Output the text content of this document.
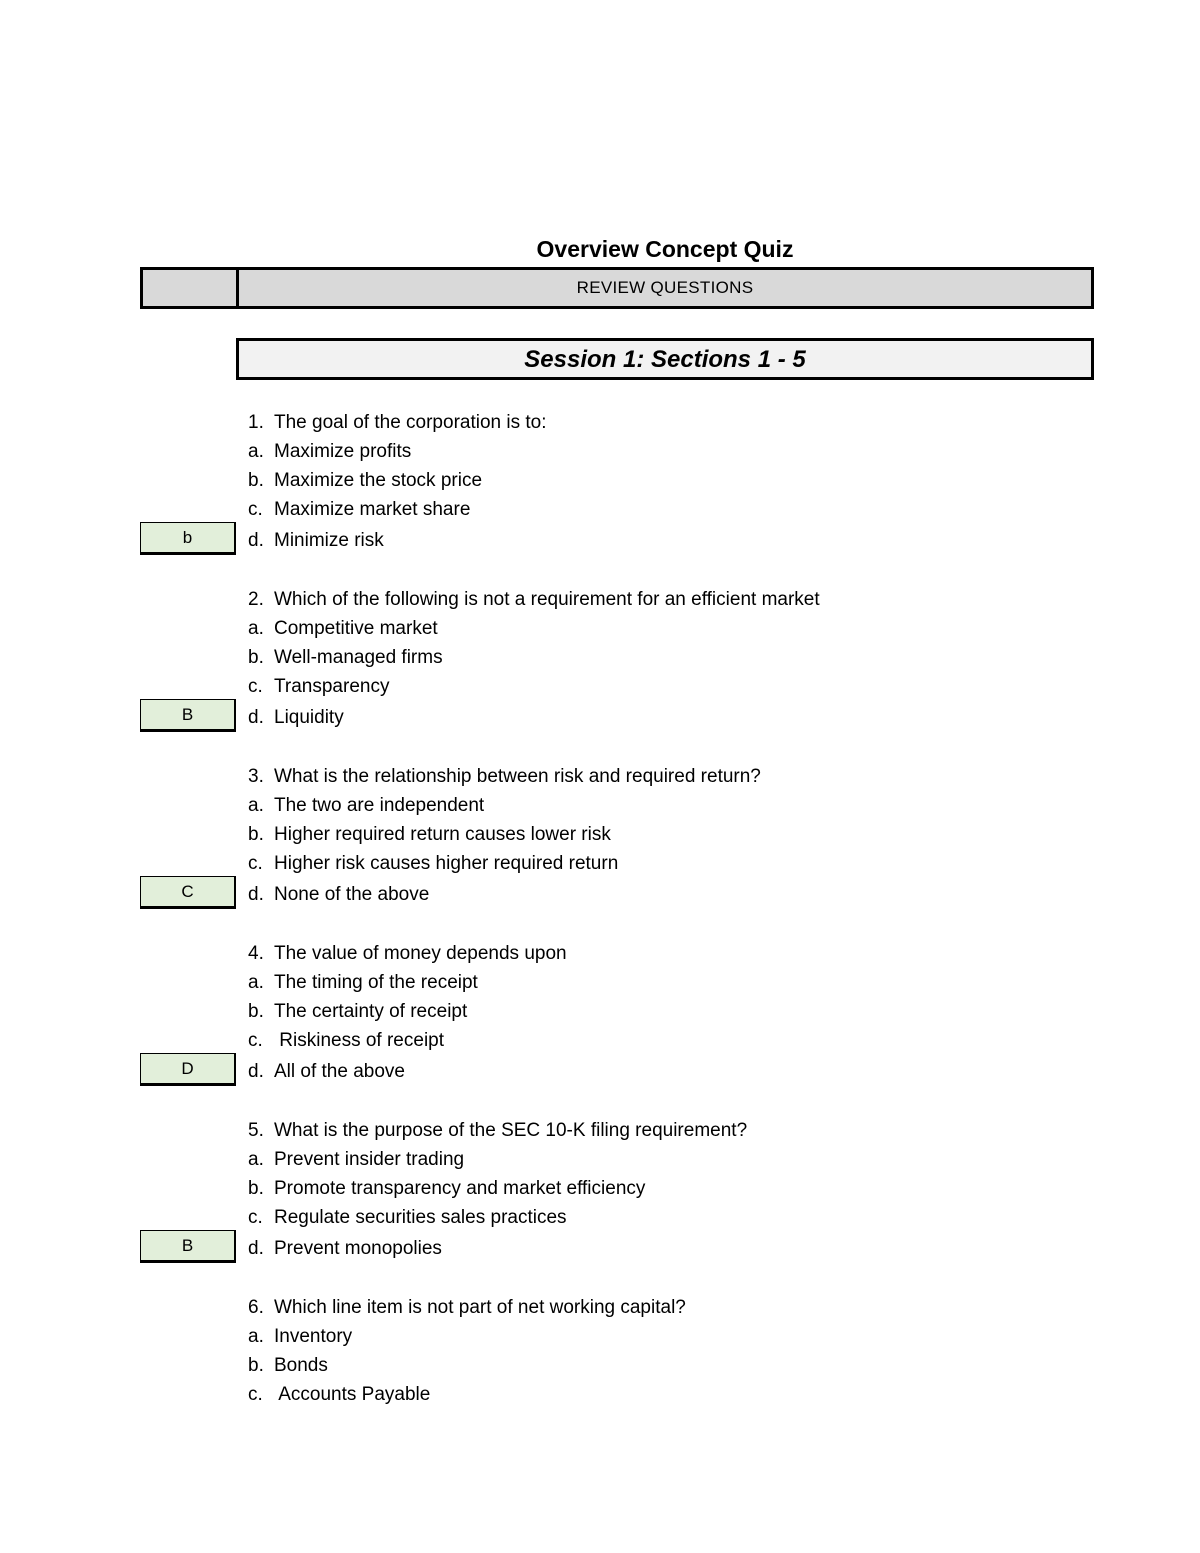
Overview Concept Quiz
REVIEW QUESTIONS
Session 1: Sections 1 - 5
1. The goal of the corporation is to:
a. Maximize profits
b. Maximize the stock price
c. Maximize market share
d. Minimize risk
b
2. Which of the following is not a requirement for an efficient market
a. Competitive market
b. Well-managed firms
c. Transparency
d. Liquidity
B
3. What is the relationship between risk and required return?
a. The two are independent
b. Higher required return causes lower risk
c. Higher risk causes higher required return
d. None of the above
C
4. The value of money depends upon
a. The timing of the receipt
b. The certainty of receipt
c. Riskiness of receipt
d. All of the above
D
5. What is the purpose of the SEC 10-K filing requirement?
a. Prevent insider trading
b. Promote transparency and market efficiency
c. Regulate securities sales practices
d. Prevent monopolies
B
6. Which line item is not part of net working capital?
a. Inventory
b. Bonds
c. Accounts Payable
